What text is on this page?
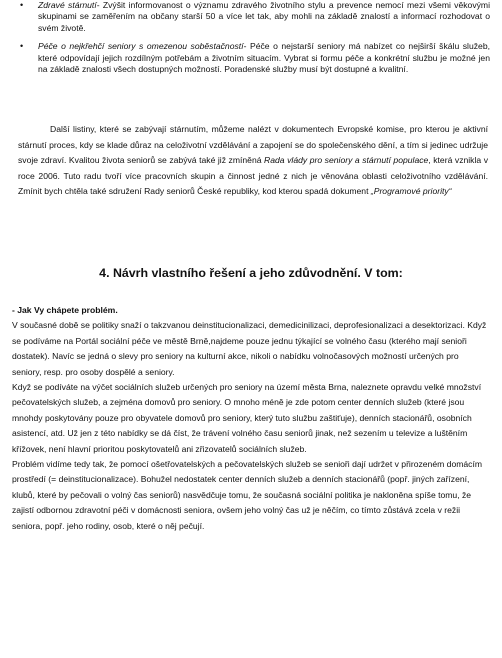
•	Zdravé stárnutí- Zvýšit informovanost o významu zdravého životního stylu a prevence nemocí mezi všemi věkovými skupinami se zaměřením na občany starší 50 a více let tak, aby mohli na základě znalostí a informací rozhodovat o svém životě.
•	Péče o nejkřehčí seniory s omezenou soběstačností- Péče o nejstarší seniory má nabízet co nejširší škálu služeb, které odpovídají jejich rozdílným potřebám a životním situacím. Vybrat si formu péče a konkrétní službu je možné jen na základě znalosti všech dostupných možností. Poradenské služby musí být dostupné a kvalitní.

Další listiny, které se zabývají stárnutím, můžeme nalézt v dokumentech Evropské komise, pro kterou je aktivní stárnutí proces, kdy se klade důraz na celoživotní vzdělávání a zapojení se do společenského dění, a tím si jedinec udržuje svoje zdraví. Kvalitou života seniorů se zabývá také již zmíněná Rada vlády pro seniory a stárnutí populace, která vznikla v roce 2006. Tuto radu tvoří více pracovních skupin a činnost jedné z nich je věnována oblasti celoživotního vzdělávání. Zmínit bych chtěla také sdružení Rady seniorů České republiky, kod kterou spadá dokument „Programové priority“

4. Návrh vlastního řešení a jeho zdůvodnění. V tom:

- Jak Vy chápete problém.

V současné době se politiky snaží o takzvanou deinstitucionalizaci, demedicinilizaci, deprofesionalizaci a desektorizaci. Když se podíváme na Portál sociální péče ve městě Brně,najdeme pouze jednu týkající se volného času (kterého mají senioři dostatek). Navíc se jedná o slevy pro seniory na kulturní akce, nikoli o nabídku volnočasových možností určených pro seniory, resp. pro osoby dospělé a seniory.

Když se podíváte na výčet sociálních služeb určených pro seniory na území města Brna, naleznete opravdu velké množství pečovatelských služeb, a zejména domovů pro seniory. O mnoho méně je zde potom center denních služeb (které jsou mnohdy poskytovány pouze pro obyvatele domovů pro seniory, který tuto službu zaštiťuje), denních stacionářů, osobních asistencí, atd. Už jen z této nabídky se dá číst, že trávení volného času seniorů jinak, než sezením u televize a luštěním křížovek, není hlavní prioritou poskytovatelů ani zřizovatelů sociálních služeb.

Problém vidíme tedy tak, že pomocí ošetřovatelských a pečovatelských služeb se senioři dají udržet v přirozeném domácím prostředí (= deinstitucionalizace). Bohužel nedostatek center denních služeb a denních stacionářů (popř. jiných zařízení, klubů, které by pečovali o volný čas seniorů) nasvědčuje tomu, že současná sociální politika je nakloněna spíše tomu, že zajistí odbornou zdravotní péči v domácnosti seniora, ovšem jeho volný čas už je něčím, co tímto zůstává zcela v režii seniora, popř. jeho rodiny, osob, které o něj pečují.
